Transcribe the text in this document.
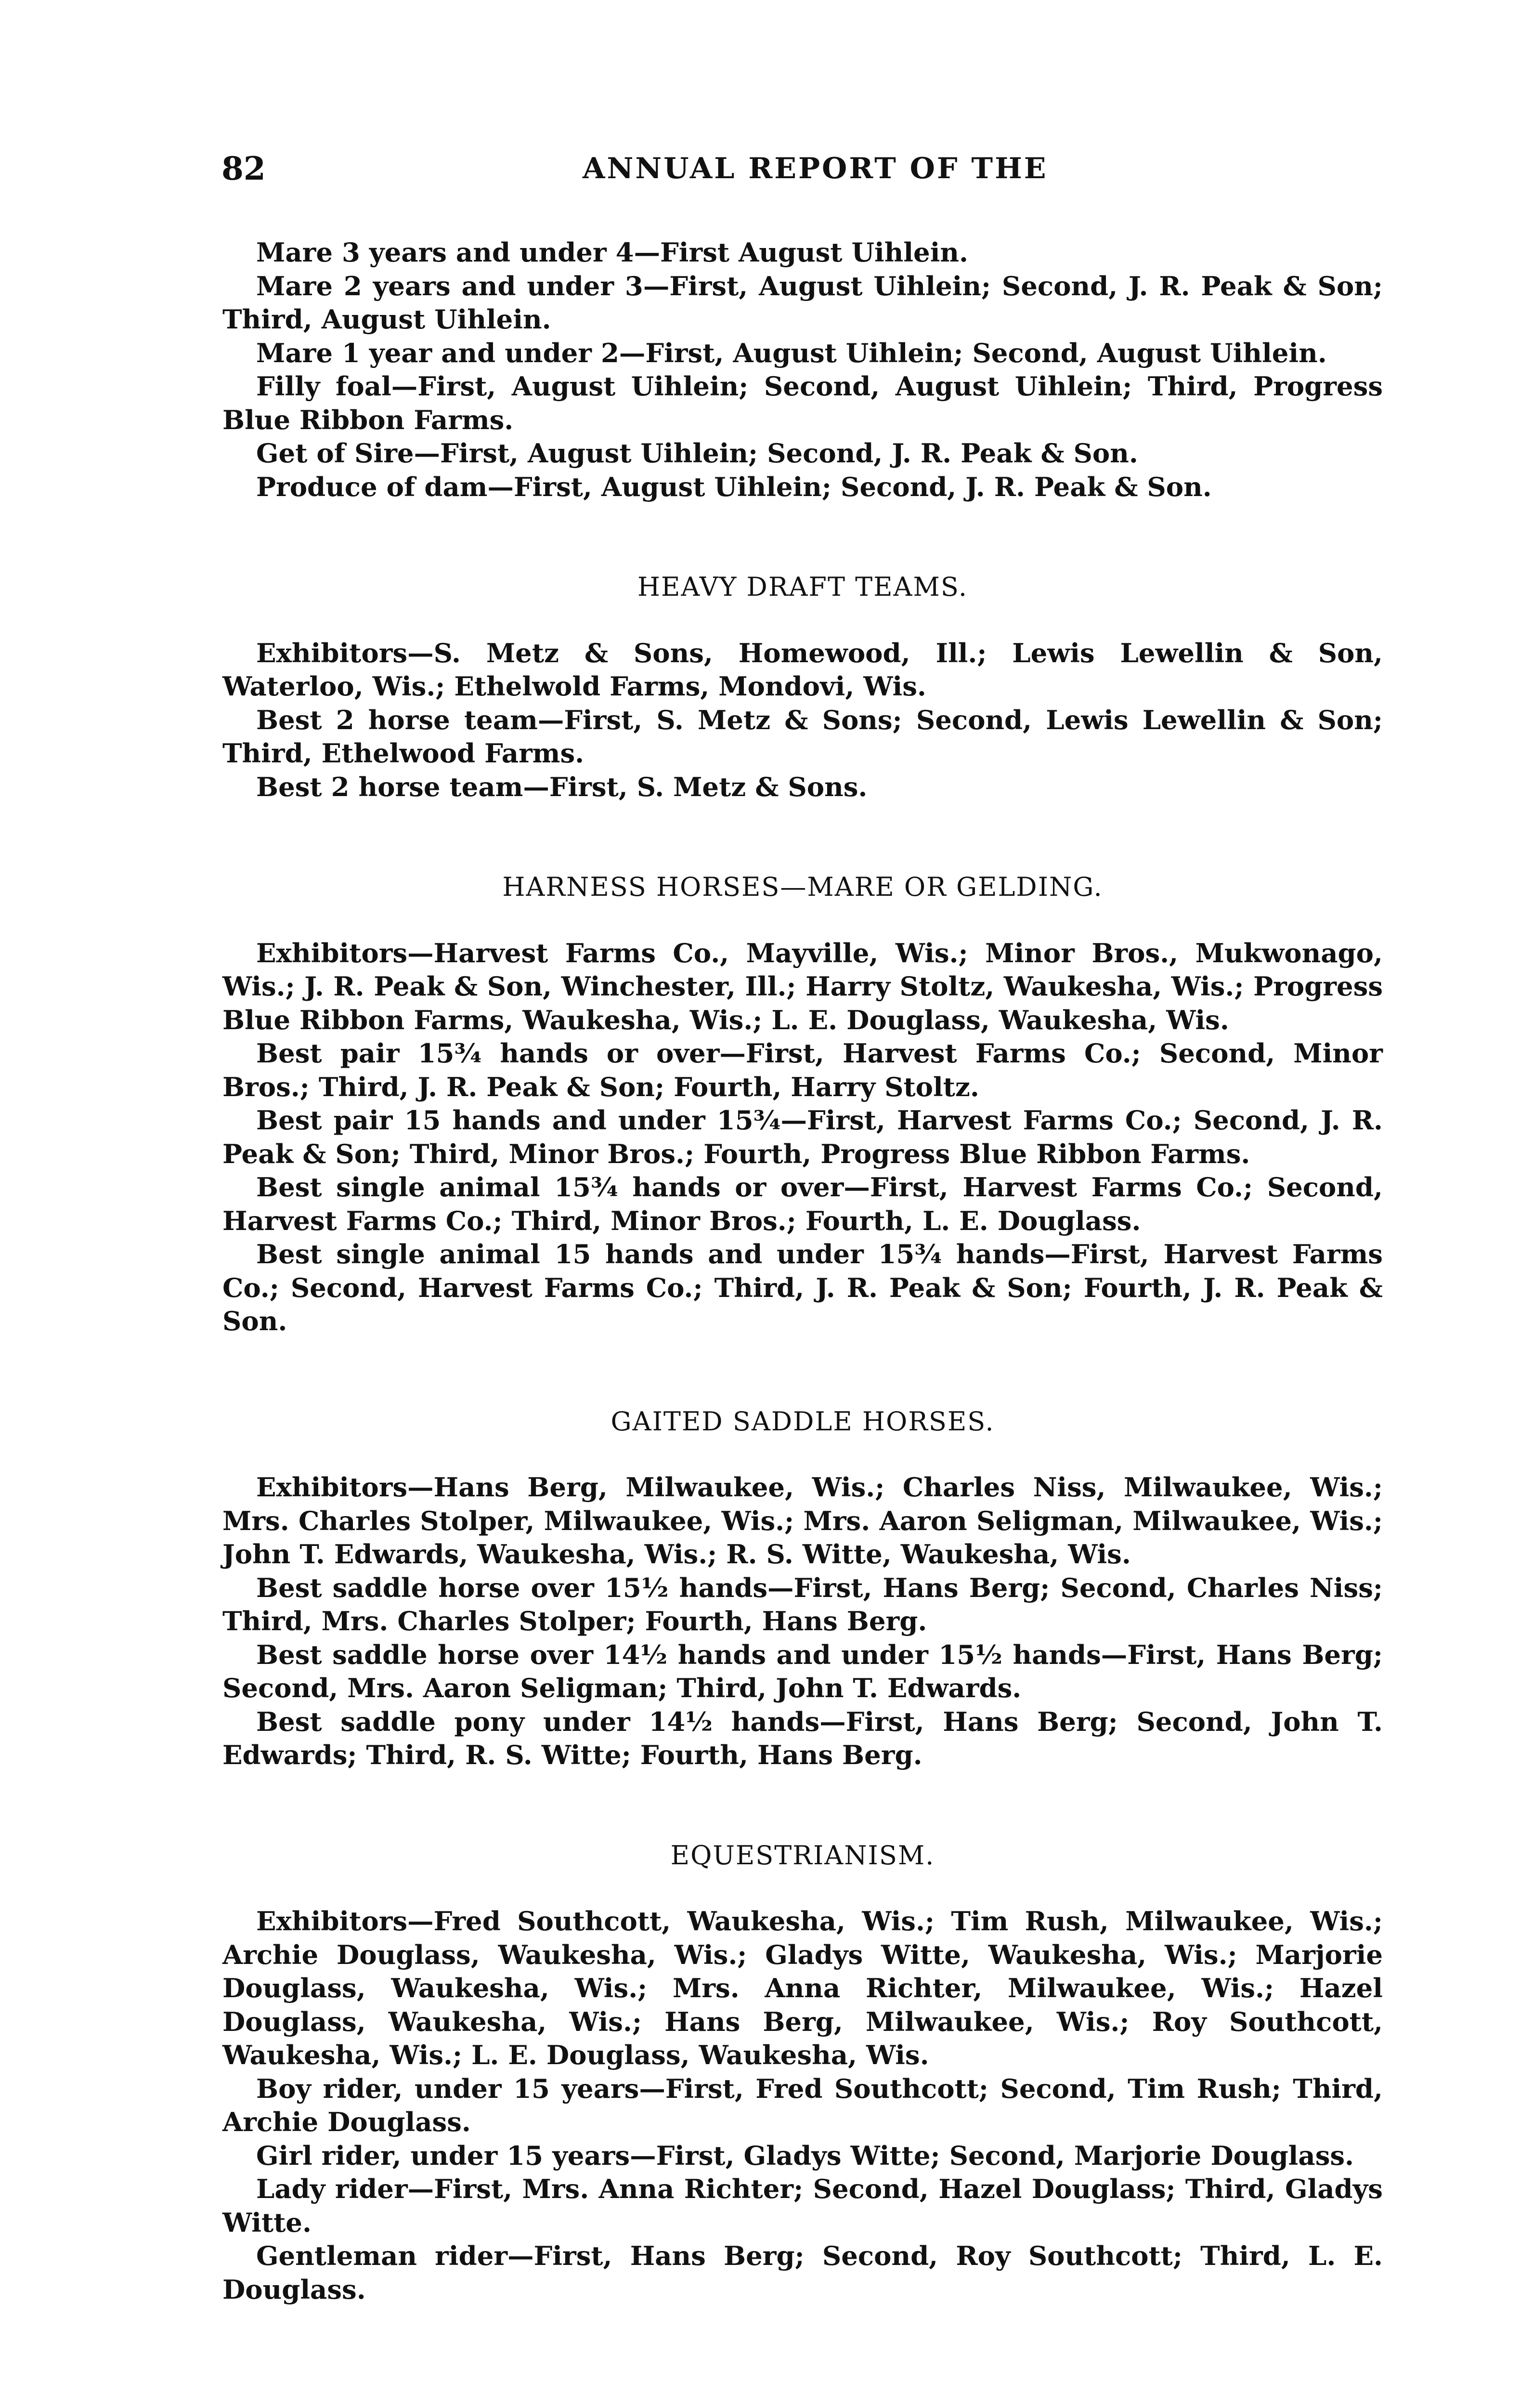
82	ANNUAL REPORT OF THE

Mare 3 years and under 4—First August Uihlein.

Mare 2 years and under 3—First, August Uihlein; Second, J. R. Peak & Son; Third, August Uihlein.

Mare 1 year and under 2—First, August Uihlein; Second, August Uihlein.

Filly foal—First, August Uihlein; Second, August Uihlein; Third, Progress Blue Ribbon Farms.

Get of Sire—First, August Uihlein; Second, J. R. Peak & Son.

Produce of dam—First, August Uihlein; Second, J. R. Peak & Son.

HEAVY DRAFT TEAMS.

Exhibitors—S. Metz & Sons, Homewood, Ill.; Lewis Lewellin & Son, Waterloo, Wis.; Ethelwold Farms, Mondovi, Wis.

Best 2 horse team—First, S. Metz & Sons; Second, Lewis Lewellin & Son; Third, Ethelwood Farms.

Best 2 horse team—First, S. Metz & Sons.

HARNESS HORSES—MARE OR GELDING.

Exhibitors—Harvest Farms Co., Mayville, Wis.; Minor Bros., Mukwonago, Wis.; J. R. Peak & Son, Winchester, Ill.; Harry Stoltz, Waukesha, Wis.; Progress Blue Ribbon Farms, Waukesha, Wis.; L. E. Douglass, Waukesha, Wis.

Best pair 15¾ hands or over—First, Harvest Farms Co.; Second, Minor Bros.; Third, J. R. Peak & Son; Fourth, Harry Stoltz.

Best pair 15 hands and under 15¾—First, Harvest Farms Co.; Second, J. R. Peak & Son; Third, Minor Bros.; Fourth, Progress Blue Ribbon Farms.

Best single animal 15¾ hands or over—First, Harvest Farms Co.; Second, Harvest Farms Co.; Third, Minor Bros.; Fourth, L. E. Douglass.

Best single animal 15 hands and under 15¾ hands—First, Harvest Farms Co.; Second, Harvest Farms Co.; Third, J. R. Peak & Son; Fourth, J. R. Peak & Son.

GAITED SADDLE HORSES.

Exhibitors—Hans Berg, Milwaukee, Wis.; Charles Niss, Milwaukee, Wis.; Mrs. Charles Stolper, Milwaukee, Wis.; Mrs. Aaron Seligman, Milwaukee, Wis.; John T. Edwards, Waukesha, Wis.; R. S. Witte, Waukesha, Wis.

Best saddle horse over 15½ hands—First, Hans Berg; Second, Charles Niss; Third, Mrs. Charles Stolper; Fourth, Hans Berg.

Best saddle horse over 14½ hands and under 15½ hands—First, Hans Berg; Second, Mrs. Aaron Seligman; Third, John T. Edwards.

Best saddle pony under 14½ hands—First, Hans Berg; Second, John T. Edwards; Third, R. S. Witte; Fourth, Hans Berg.

EQUESTRIANISM.

Exhibitors—Fred Southcott, Waukesha, Wis.; Tim Rush, Milwaukee, Wis.; Archie Douglass, Waukesha, Wis.; Gladys Witte, Waukesha, Wis.; Marjorie Douglass, Waukesha, Wis.; Mrs. Anna Richter, Milwaukee, Wis.; Hazel Douglass, Waukesha, Wis.; Hans Berg, Milwaukee, Wis.; Roy Southcott, Waukesha, Wis.; L. E. Douglass, Waukesha, Wis.

Boy rider, under 15 years—First, Fred Southcott; Second, Tim Rush; Third, Archie Douglass.

Girl rider, under 15 years—First, Gladys Witte; Second, Marjorie Douglass.

Lady rider—First, Mrs. Anna Richter; Second, Hazel Douglass; Third, Gladys Witte.

Gentleman rider—First, Hans Berg; Second, Roy Southcott; Third, L. E. Douglass.
